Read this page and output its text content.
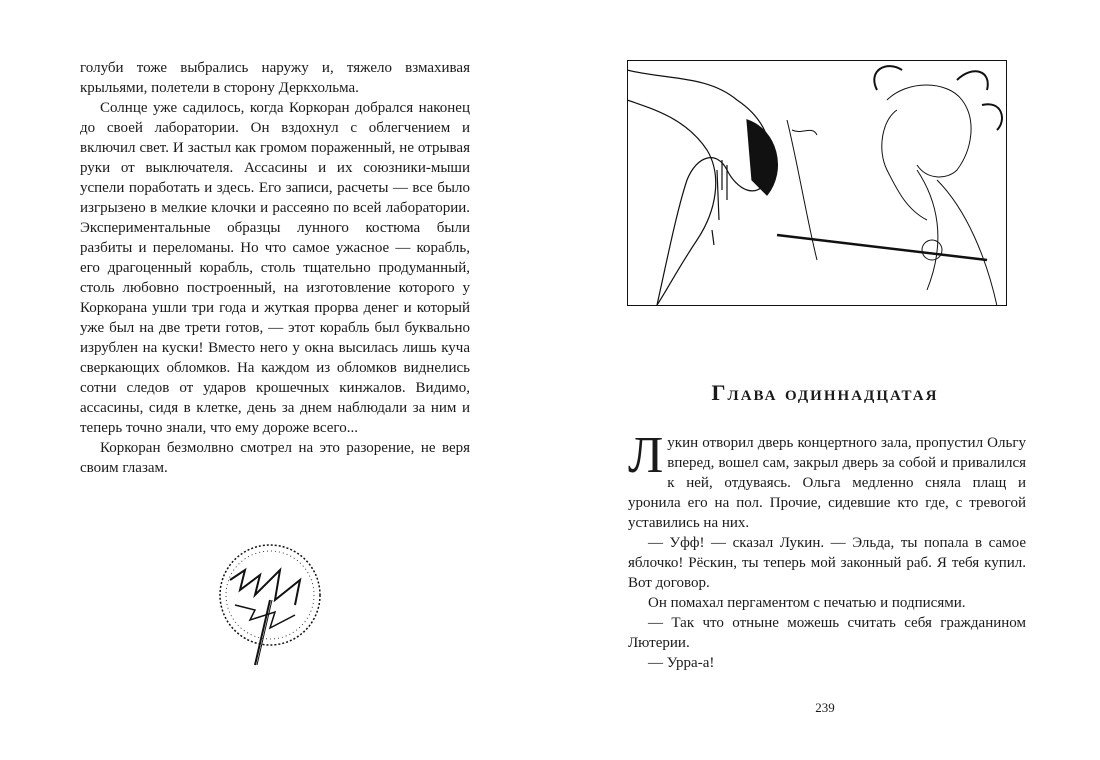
голуби тоже выбрались наружу и, тяжело взмахивая крыльями, полетели в сторону Деркхольма.

Солнце уже садилось, когда Коркоран добрался наконец до своей лаборатории. Он вздохнул с облегчением и включил свет. И застыл как громом пораженный, не отрывая руки от выключателя. Ассасины и их союзники-мыши успели поработать и здесь. Его записи, расчеты — все было изгрызено в мелкие клочки и рассеяно по всей лаборатории. Экспериментальные образцы лунного костюма были разбиты и переломаны. Но что самое ужасное — корабль, его драгоценный корабль, столь тщательно продуманный, столь любовно построенный, на изготовление которого у Коркорана ушли три года и жуткая прорва денег и который уже был на две трети готов, — этот корабль был буквально изрублен на куски! Вместо него у окна высилась лишь куча сверкающих обломков. На каждом из обломков виднелись сотни следов от ударов крошечных кинжалов. Видимо, ассасины, сидя в клетке, день за днем наблюдали за ним и теперь точно знали, что ему дороже всего...

Коркоран безмолвно смотрел на это разорение, не веря своим глазам.

Глава одиннадцатая

Лукин отворил дверь концертного зала, пропустил Ольгу вперед, вошел сам, закрыл дверь за собой и привалился к ней, отдуваясь. Ольга медленно сняла плащ и уронила его на пол. Прочие, сидевшие кто где, с тревогой уставились на них.

— Уфф! — сказал Лукин. — Эльда, ты попала в самое яблочко! Рёскин, ты теперь мой законный раб. Я тебя купил. Вот договор.

Он помахал пергаментом с печатью и подписями.

— Так что отныне можешь считать себя гражданином Лютерии.

— Урра-а!

239
